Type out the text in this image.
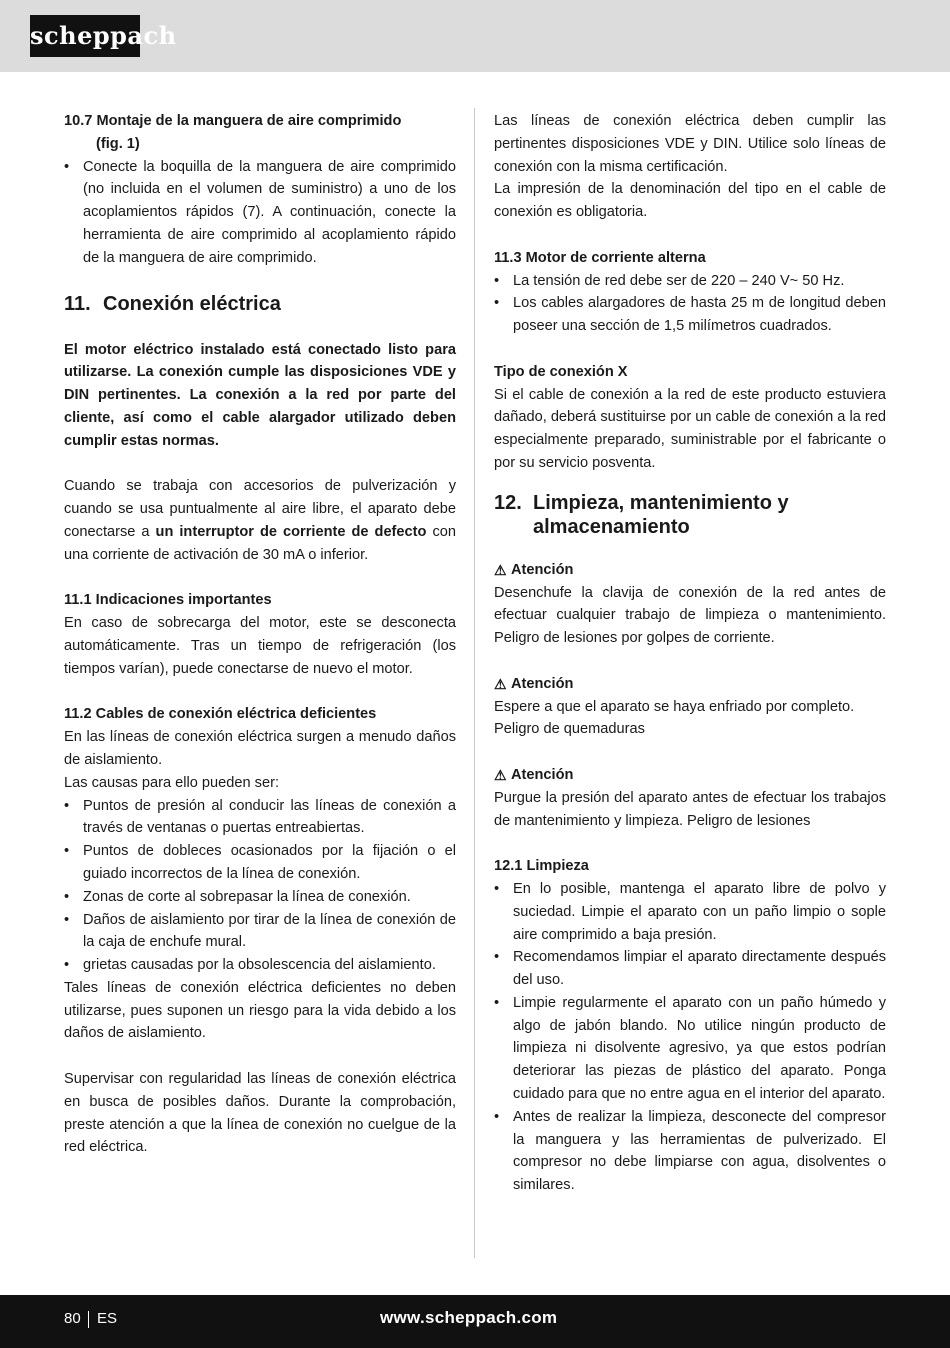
scheppach

10.7 Montaje de la manguera de aire comprimido

(fig. 1)

• Conecte la boquilla de la manguera de aire comprimido (no incluida en el volumen de suministro) a uno de los acoplamientos rápidos (7). A continuación, conecte la herramienta de aire comprimido al acoplamiento rápido de la manguera de aire comprimido.
11. Conexión eléctrica

El motor eléctrico instalado está conectado listo para utilizarse. La conexión cumple las disposiciones VDE y DIN pertinentes. La conexión a la red por parte del cliente, así como el cable alargador utilizado deben cumplir estas normas.

Cuando se trabaja con accesorios de pulverización y cuando se usa puntualmente al aire libre, el aparato debe conectarse a un interruptor de corriente de defecto con una corriente de activación de 30 mA o inferior.

11.1 Indicaciones importantes

En caso de sobrecarga del motor, este se desconecta automáticamente. Tras un tiempo de refrigeración (los tiempos varían), puede conectarse de nuevo el motor.

11.2 Cables de conexión eléctrica deficientes

En las líneas de conexión eléctrica surgen a menudo daños de aislamiento.

Las causas para ello pueden ser:

• Puntos de presión al conducir las líneas de conexión a través de ventanas o puertas entreabiertas.
• Puntos de dobleces ocasionados por la fijación o el guiado incorrectos de la línea de conexión.
• Zonas de corte al sobrepasar la línea de conexión.
• Daños de aislamiento por tirar de la línea de conexión de la caja de enchufe mural.
• grietas causadas por la obsolescencia del aislamiento.

Tales líneas de conexión eléctrica deficientes no deben utilizarse, pues suponen un riesgo para la vida debido a los daños de aislamiento.

Supervisar con regularidad las líneas de conexión eléctrica en busca de posibles daños. Durante la comprobación, preste atención a que la línea de conexión no cuelgue de la red eléctrica.

Las líneas de conexión eléctrica deben cumplir las pertinentes disposiciones VDE y DIN. Utilice solo líneas de conexión con la misma certificación.

La impresión de la denominación del tipo en el cable de conexión es obligatoria.

11.3 Motor de corriente alterna

• La tensión de red debe ser de 220 – 240 V~ 50 Hz.
• Los cables alargadores de hasta 25 m de longitud deben poseer una sección de 1,5 milímetros cuadrados.

Tipo de conexión X

Si el cable de conexión a la red de este producto estuviera dañado, deberá sustituirse por un cable de conexión a la red especialmente preparado, suministrable por el fabricante o por su servicio posventa.

12. Limpieza, mantenimiento y almacenamiento
⚠ Atención

Desenchufe la clavija de conexión de la red antes de efectuar cualquier trabajo de limpieza o mantenimiento. Peligro de lesiones por golpes de corriente.

⚠ Atención

Espere a que el aparato se haya enfriado por completo. Peligro de quemaduras

⚠ Atención

Purgue la presión del aparato antes de efectuar los trabajos de mantenimiento y limpieza. Peligro de lesiones

12.1 Limpieza

• En lo posible, mantenga el aparato libre de polvo y suciedad. Limpie el aparato con un paño limpio o sople aire comprimido a baja presión.
• Recomendamos limpiar el aparato directamente después del uso.
• Limpie regularmente el aparato con un paño húmedo y algo de jabón blando. No utilice ningún producto de limpieza ni disolvente agresivo, ya que estos podrían deteriorar las piezas de plástico del aparato. Ponga cuidado para que no entre agua en el interior del aparato.
• Antes de realizar la limpieza, desconecte del compresor la manguera y las herramientas de pulverizado. El compresor no debe limpiarse con agua, disolventes o similares.
80 ES	www.scheppach.com
